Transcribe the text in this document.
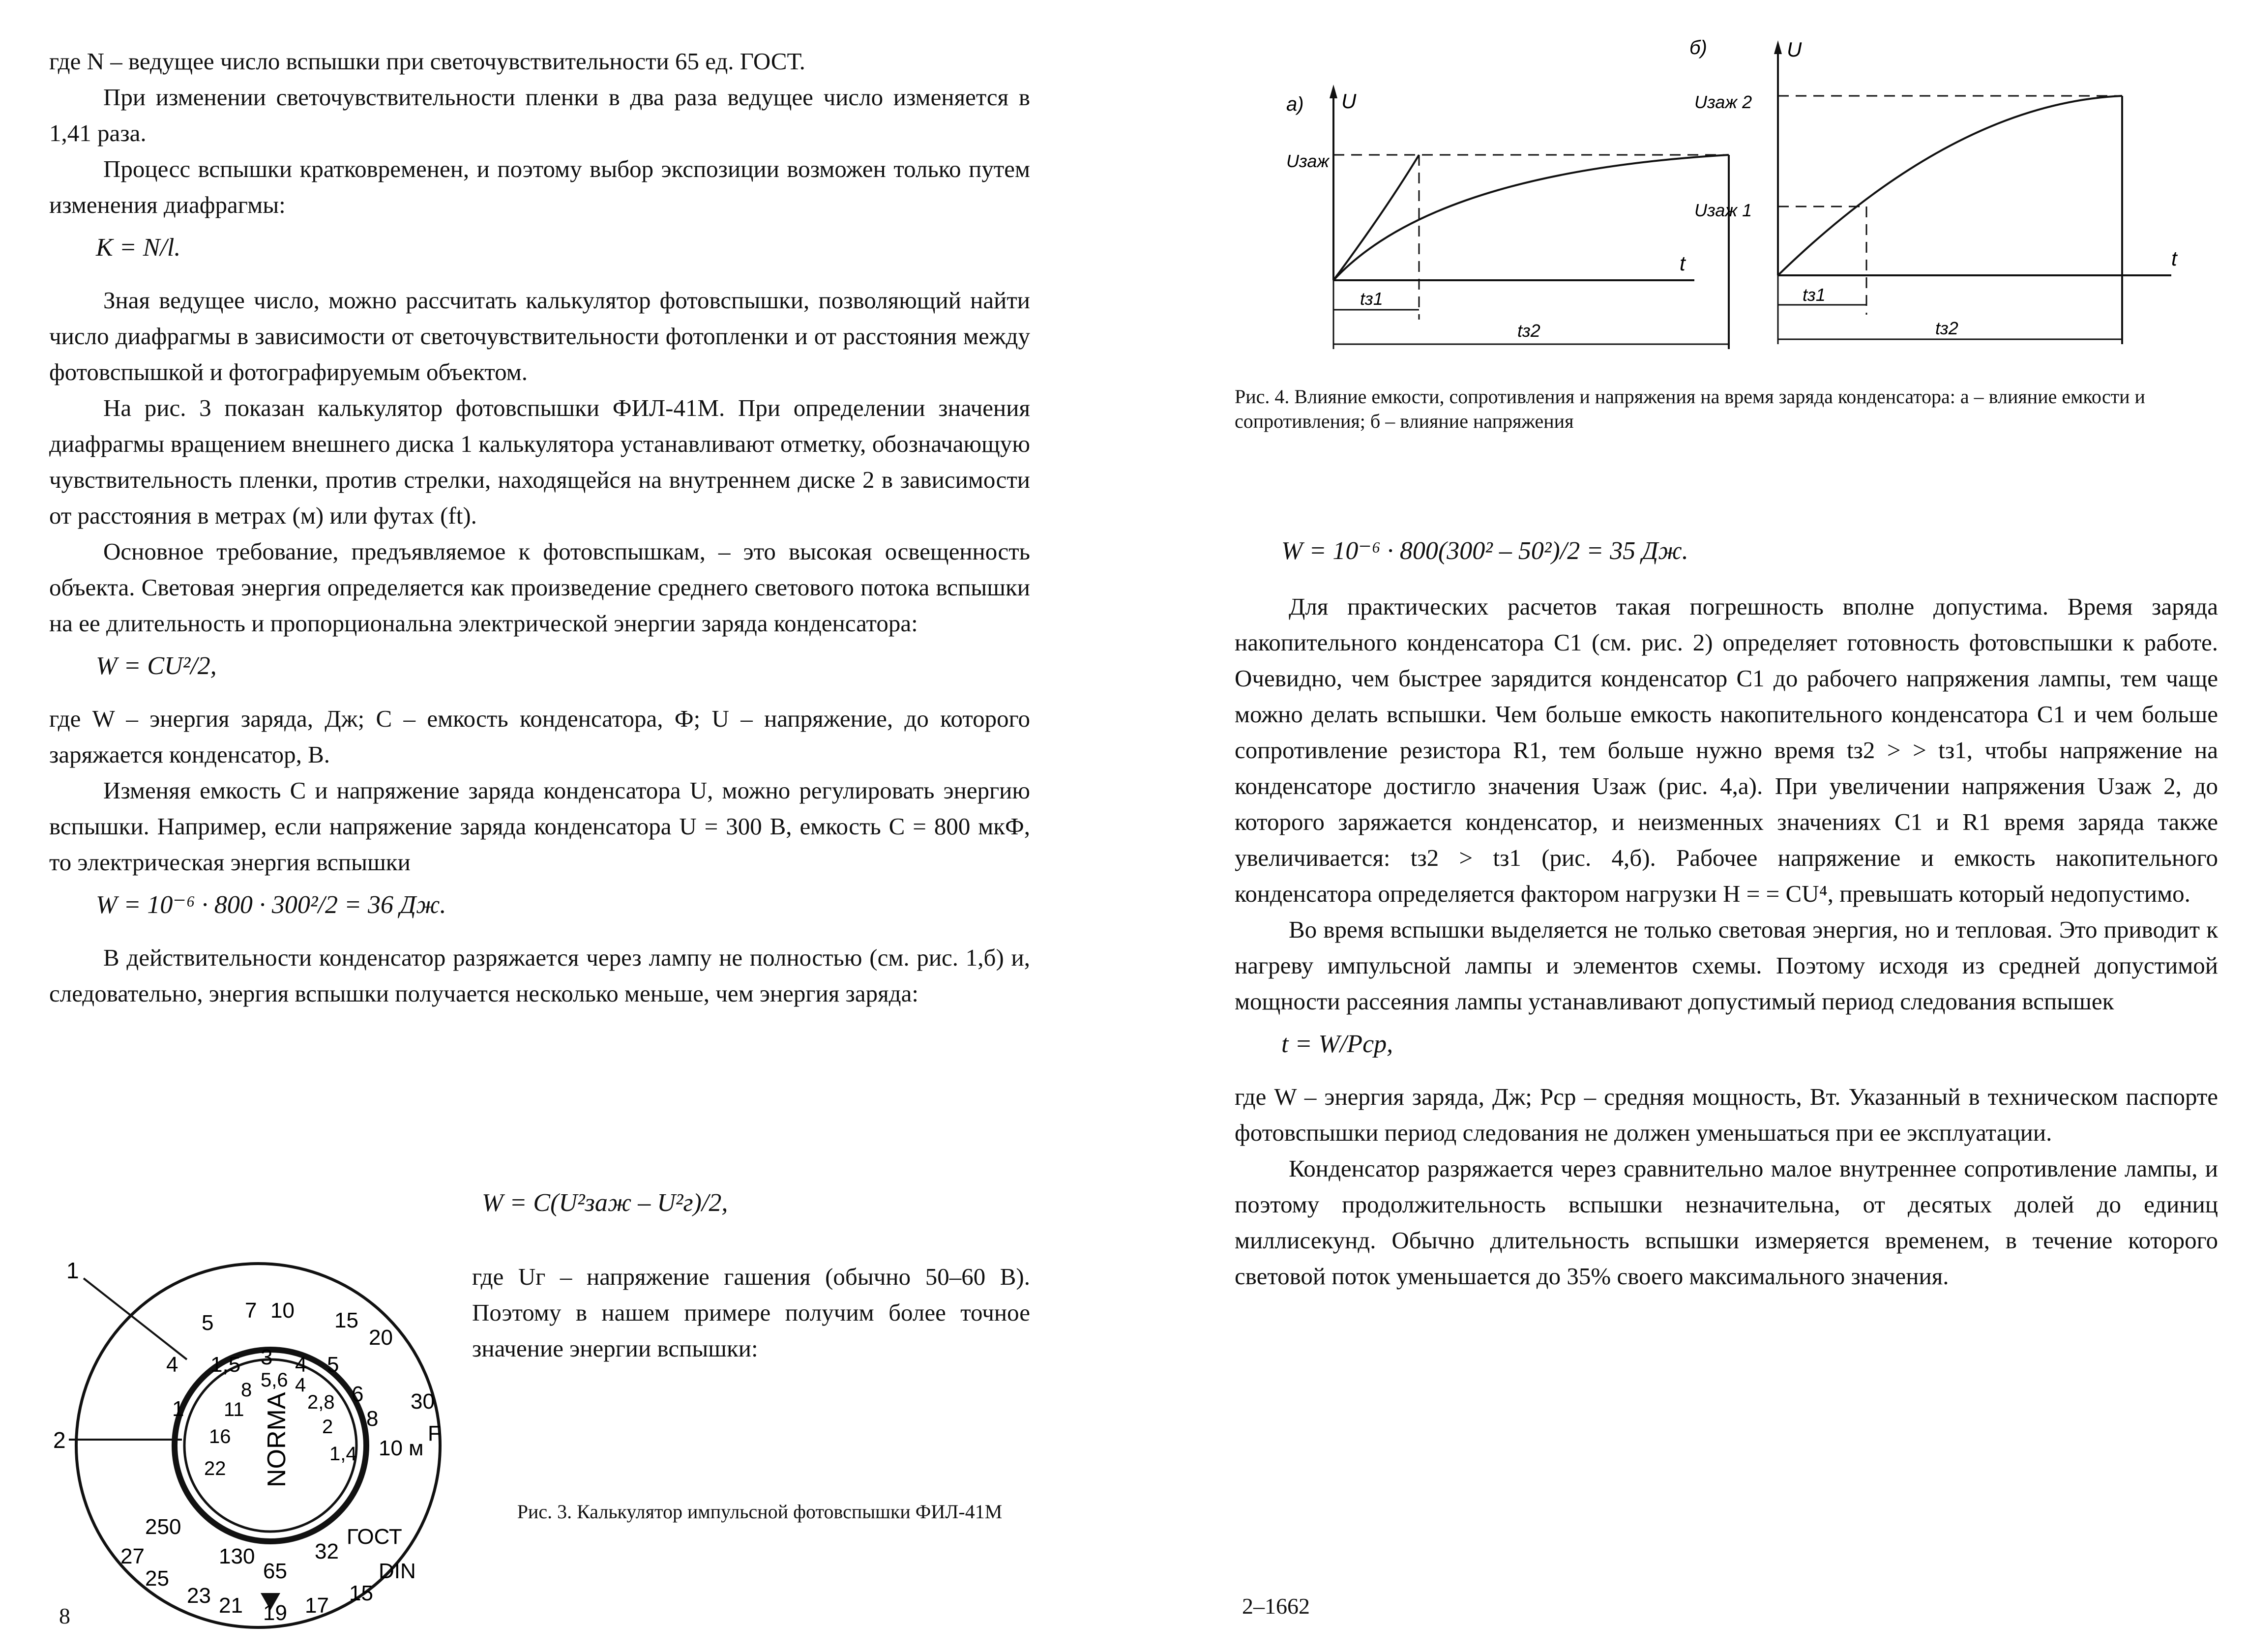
где N – ведущее число вспышки при светочувствительности 65 ед. ГОСТ.

При изменении светочувствительности пленки в два раза ведущее число изменяется в 1,41 раза.

Процесс вспышки кратковременен, и поэтому выбор экспозиции возможен только путем изменения диафрагмы:

K = N/l.

Зная ведущее число, можно рассчитать калькулятор фотовспышки, позволяющий найти число диафрагмы в зависимости от светочувствительности фотопленки и от расстояния между фотовспышкой и фотографируемым объектом.

На рис. 3 показан калькулятор фотовспышки ФИЛ-41М. При определении значения диафрагмы вращением внешнего диска 1 калькулятора устанавливают отметку, обозначающую чувствительность пленки, против стрелки, находящейся на внутреннем диске 2 в зависимости от расстояния в метрах (м) или футах (ft).

Основное требование, предъявляемое к фотовспышкам, – это высокая освещенность объекта. Световая энергия определяется как произведение среднего светового потока вспышки на ее длительность и пропорциональна электрической энергии заряда конденсатора:

W = CU²/2,

где W – энергия заряда, Дж; C – емкость конденсатора, Ф; U – напряжение, до которого заряжается конденсатор, В.

Изменяя емкость C и напряжение заряда конденсатора U, можно регулировать энергию вспышки. Например, если напряжение заряда конденсатора U = 300 В, емкость C = 800 мкФ, то электрическая энергия вспышки

W = 10⁻⁶ · 800 · 300²/2 = 36 Дж.

В действительности конденсатор разряжается через лампу не полностью (см. рис. 1,б) и, следовательно, энергия вспышки получается несколько меньше, чем энергия заряда:

W = C(U²заж – U²г)/2,
где Uг – напряжение гашения (обычно 50–60 В). Поэтому в нашем примере получим более точное значение энергии вспышки:
1
2	NORMA
4
5
1,5
7 10
3 4 5
15
20
6
8
10 м
30
F
1
22
16
11
8 5,6 4
2,8
2
1,4
250
27
25
23
130
21
65
19 17
32
ГОСТ
15
DIN
Рис. 3. Калькулятор импульсной фотовспышки ФИЛ-41М
8
а) U
t
Uзаж
tз1
tз2
б)	U
t
Uзаж 2
Uзаж 1
tз1
tз2
Рис. 4. Влияние емкости, сопротивления и напряжения на время заряда конденсатора: а – влияние емкости и сопротивления; б – влияние напряжения

W = 10⁻⁶ · 800(300² – 50²)/2 = 35 Дж.

Для практических расчетов такая погрешность вполне допустима. Время заряда накопительного конденсатора C1 (см. рис. 2) определяет готовность фотовспышки к работе. Очевидно, чем быстрее зарядится конденсатор C1 до рабочего напряжения лампы, тем чаще можно делать вспышки. Чем больше емкость накопительного конденсатора C1 и чем больше сопротивление резистора R1, тем больше нужно время tз2 > > tз1, чтобы напряжение на конденсаторе достигло значения Uзаж (рис. 4,а). При увеличении напряжения Uзаж 2, до которого заряжается конденсатор, и неизменных значениях C1 и R1 время заряда также увеличивается: tз2 > tз1 (рис. 4,б). Рабочее напряжение и емкость накопительного конденсатора определяется фактором нагрузки H = = CU⁴, превышать который недопустимо.

Во время вспышки выделяется не только световая энергия, но и тепловая. Это приводит к нагреву импульсной лампы и элементов схемы. Поэтому исходя из средней допустимой мощности рассеяния лампы устанавливают допустимый период следования вспышек

t = W/Pср,

где W – энергия заряда, Дж; Pср – средняя мощность, Вт. Указанный в техническом паспорте фотовспышки период следования не должен уменьшаться при ее эксплуатации.

Конденсатор разряжается через сравнительно малое внутреннее сопротивление лампы, и поэтому продолжительность вспышки незначительна, от десятых долей до единиц миллисекунд. Обычно длительность вспышки измеряется временем, в течение которого световой поток уменьшается до 35% своего максимального значения.

2–1662
